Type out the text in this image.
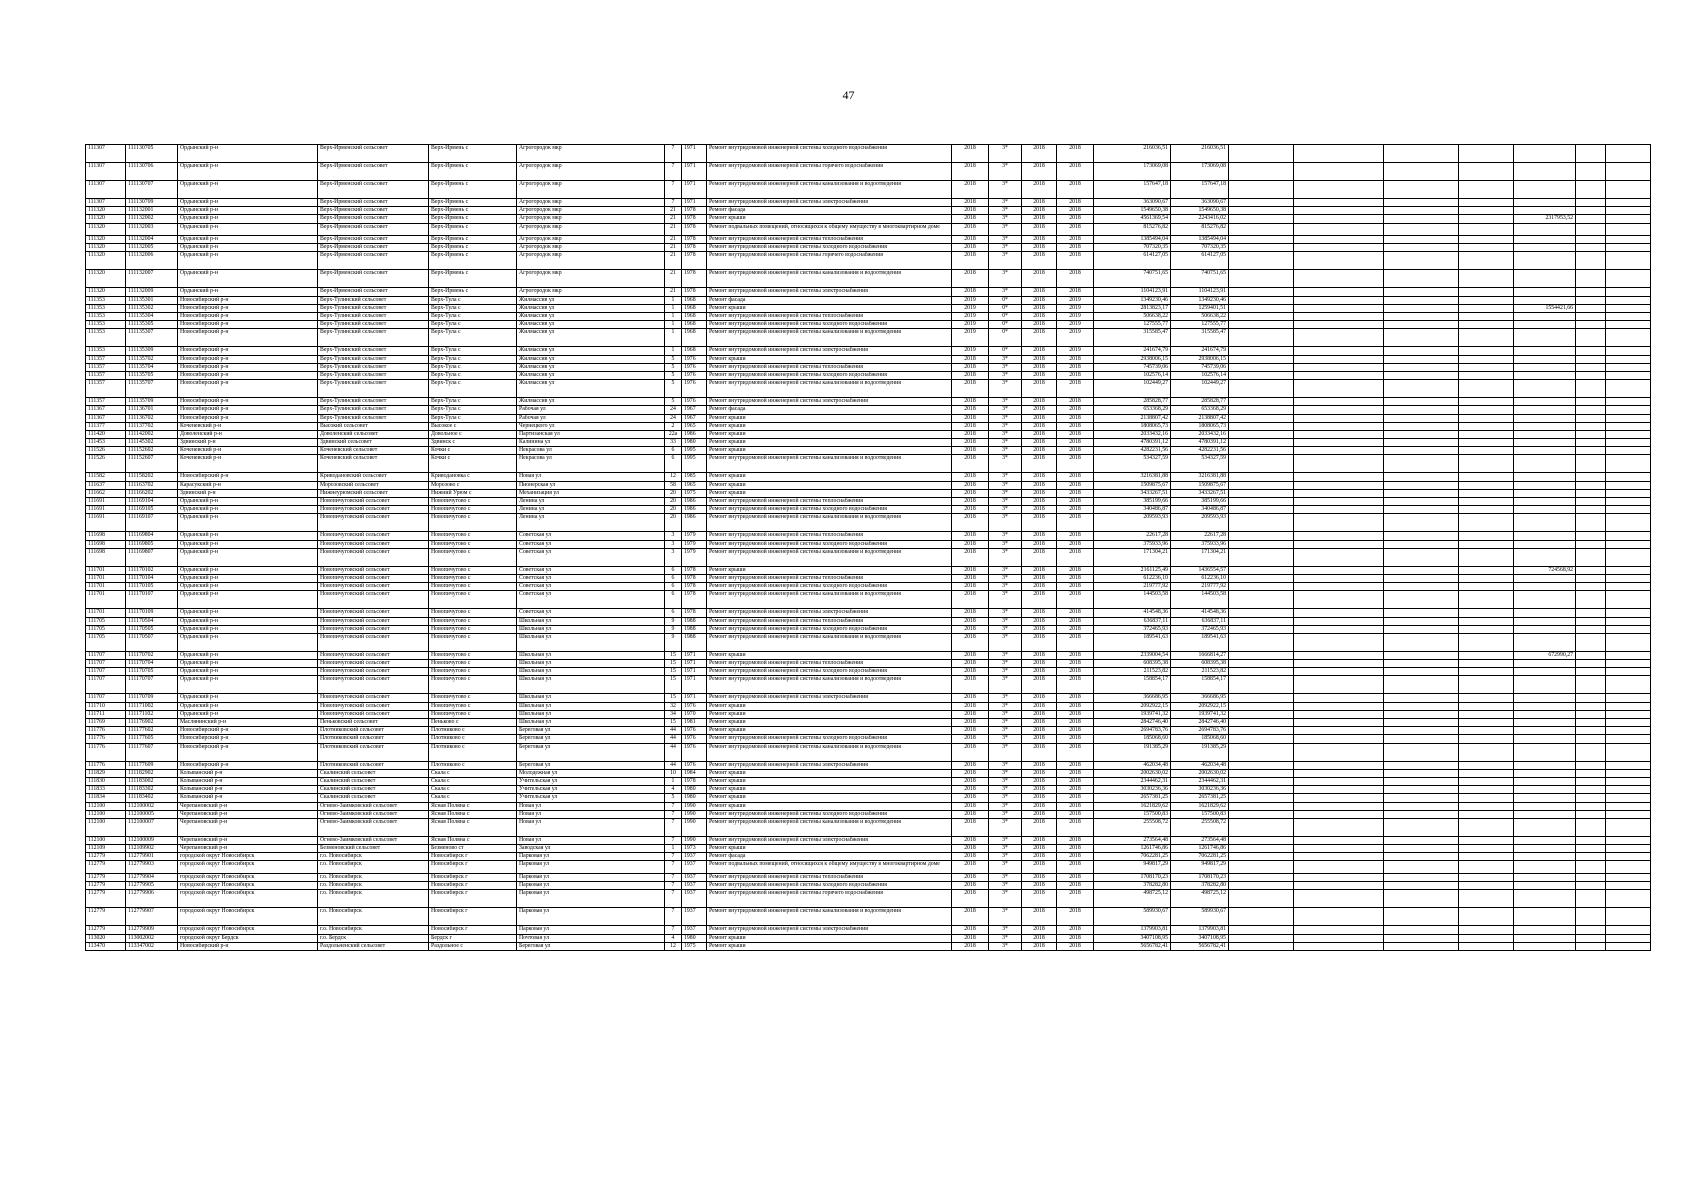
47
111307	111130705	Ордынский р-н	Верх-Ирменский сельсовет	Верх-Ирмень с	Агрогородок мкр	7	1971	Ремонт внутридомовой инженерной системы холодного водоснабжения	2018	3*	2018	2018	216036,51	216036,51							
111307	111130706	Ордынский р-н	Верх-Ирменский сельсовет	Верх-Ирмень с	Агрогородок мкр	7	1971	Ремонт внутридомовой инженерной системы горячего водоснабжения	2018	3*	2018	2018	173069,08	173069,08							
111307	111130707	Ордынский р-н	Верх-Ирменский сельсовет	Верх-Ирмень с	Агрогородок мкр	7	1971	Ремонт внутридомовой инженерной системы канализования и водоотведения	2018	3*	2018	2018	157647,18	157647,18							
111307	111130709	Ордынский р-н	Верх-Ирменский сельсовет	Верх-Ирмень с	Агрогородок мкр	7	1971	Ремонт внутридомовой инженерной системы электроснабжения	2018	3*	2018	2018	363090,67	363090,67							
111320	111132001	Ордынский р-н	Верх-Ирменский сельсовет	Верх-Ирмень с	Агрогородок мкр	21	1978	Ремонт фасада	2018	3*	2018	2018	1549650,38	1549650,38							
111320	111132002	Ордынский р-н	Верх-Ирменский сельсовет	Верх-Ирмень с	Агрогородок мкр	21	1978	Ремонт крыши	2018	3*	2018	2018	4561369,54	2243416,02					2317953,52		
111320	111132003	Ордынский р-н	Верх-Ирменский сельсовет	Верх-Ирмень с	Агрогородок мкр	21	1978	Ремонт подвальных помещений, относящихся к общему имуществу в многоквартирном доме	2018	3*	2018	2018	815276,82	815276,82							
111320	111132004	Ордынский р-н	Верх-Ирменский сельсовет	Верх-Ирмень с	Агрогородок мкр	21	1978	Ремонт внутридомовой инженерной системы теплоснабжения	2018	3*	2018	2018	1385494,04	1385494,04							
111320	111132005	Ордынский р-н	Верх-Ирменский сельсовет	Верх-Ирмень с	Агрогородок мкр	21	1978	Ремонт внутридомовой инженерной системы холодного водоснабжения	2018	3*	2018	2018	707320,35	707320,35							
111320	111132006	Ордынский р-н	Верх-Ирменский сельсовет	Верх-Ирмень с	Агрогородок мкр	21	1978	Ремонт внутридомовой инженерной системы горячего водоснабжения	2018	3*	2018	2018	614127,05	614127,05							
111320	111132007	Ордынский р-н	Верх-Ирменский сельсовет	Верх-Ирмень с	Агрогородок мкр	21	1978	Ремонт внутридомовой инженерной системы канализования и водоотведения	2018	3*	2018	2018	740751,65	740751,65							
111320	111132009	Ордынский р-н	Верх-Ирменский сельсовет	Верх-Ирмень с	Агрогородок мкр	21	1978	Ремонт внутридомовой инженерной системы электроснабжения	2018	3*	2018	2018	1104123,91	1104123,91							
111353	111135301	Новосибирский р-н	Верх-Тулинский сельсовет	Верх-Тула с	Жилмассив ул	1	1968	Ремонт фасада	2019	0*	2018	2019	1349230,46	1349230,46							
111353	111135302	Новосибирский р-н	Верх-Тулинский сельсовет	Верх-Тула с	Жилмассив ул	1	1968	Ремонт крыши	2019	0*	2018	2019	2813823,17	1259401,51					1554421,66		
111353	111135304	Новосибирский р-н	Верх-Тулинский сельсовет	Верх-Тула с	Жилмассив ул	1	1968	Ремонт внутридомовой инженерной системы теплоснабжения	2019	0*	2018	2019	506638,22	506638,22							
111353	111135305	Новосибирский р-н	Верх-Тулинский сельсовет	Верх-Тула с	Жилмассив ул	1	1968	Ремонт внутридомовой инженерной системы холодного водоснабжения	2019	0*	2018	2019	127555,77	127555,77							
111353	111135307	Новосибирский р-н	Верх-Тулинский сельсовет	Верх-Тула с	Жилмассив ул	1	1968	Ремонт внутридомовой инженерной системы канализования и водоотведения	2019	0*	2018	2019	315585,47	315585,47							
111353	111135309	Новосибирский р-н	Верх-Тулинский сельсовет	Верх-Тула с	Жилмассив ул	1	1968	Ремонт внутридомовой инженерной системы электроснабжения	2019	0*	2018	2019	241674,79	241674,79							
111357	111135702	Новосибирский р-н	Верх-Тулинский сельсовет	Верх-Тула с	Жилмассив ул	5	1976	Ремонт крыши	2018	3*	2018	2018	2938006,15	2938006,15							
111357	111135704	Новосибирский р-н	Верх-Тулинский сельсовет	Верх-Тула с	Жилмассив ул	5	1976	Ремонт внутридомовой инженерной системы теплоснабжения	2018	3*	2018	2018	745739,06	745739,06							
111357	111135705	Новосибирский р-н	Верх-Тулинский сельсовет	Верх-Тула с	Жилмассив ул	5	1976	Ремонт внутридомовой инженерной системы холодного водоснабжения	2018	3*	2018	2018	102576,14	102576,14							
111357	111135707	Новосибирский р-н	Верх-Тулинский сельсовет	Верх-Тула с	Жилмассив ул	5	1976	Ремонт внутридомовой инженерной системы канализования и водоотведения	2018	3*	2018	2018	102449,27	102449,27							
111357	111135709	Новосибирский р-н	Верх-Тулинский сельсовет	Верх-Тула с	Жилмассив ул	5	1976	Ремонт внутридомовой инженерной системы электроснабжения	2018	3*	2018	2018	285828,77	285828,77							
111367	111136701	Новосибирский р-н	Верх-Тулинский сельсовет	Верх-Тула с	Рабочая ул	24	1967	Ремонт фасада	2018	3*	2018	2018	653368,29	653368,29							
111367	111136702	Новосибирский р-н	Верх-Тулинский сельсовет	Верх-Тула с	Рабочая ул	24	1967	Ремонт крыши	2018	3*	2018	2018	2138807,42	2138807,42							
111377	111137702	Коченевский р-н	Высокий сельсовет	Высокое с	Чернецкого ул	2	1965	Ремонт крыши	2018	3*	2018	2018	1808065,73	1808065,73							
111420	111142002	Доволенский р-н	Доволенский сельсовет	Довольное с	Партизанская ул	22а	1986	Ремонт крыши	2018	3*	2018	2018	2033432,16	2033432,16							
111453	111145302	Здвинский р-н	Здвинский сельсовет	Здвинск с	Калинина ул	33	1980	Ремонт крыши	2018	3*	2018	2018	4780391,12	4780391,12							
111526	111152602	Коченевский р-н	Коченевский сельсовет	Кочки с	Некрасова ул	6	1995	Ремонт крыши	2018	3*	2018	2018	4282231,56	4282231,56							
111526	111152607	Коченевский р-н	Коченевский сельсовет	Кочки с	Некрасова ул	6	1995	Ремонт внутридомовой инженерной системы канализования и водоотведения	2018	3*	2018	2018	534327,59	534327,59							
111582	111158202	Новосибирский р-н	Криводановский сельсовет	Криводановка с	Новая ул	12	1985	Ремонт крыши	2018	3*	2018	2018	3216381,88	3216381,88							
111637	111163702	Карасукский р-н	Морозовский сельсовет	Морозово с	Пионерская ул	58	1965	Ремонт крыши	2018	3*	2018	2018	1509875,67	1509875,67							
111662	111166202	Здвинский р-н	Нижнеурюмский сельсовет	Нижний Урюм с	Механизация ул	20	1975	Ремонт крыши	2018	3*	2018	2018	3433267,51	3433267,51							
111691	111169104	Ордынский р-н	Новопичуговский сельсовет	Новопичугово с	Ленина ул	20	1986	Ремонт внутридомовой инженерной системы теплоснабжения	2018	3*	2018	2018	385199,66	385199,66							
111691	111169105	Ордынский р-н	Новопичуговский сельсовет	Новопичугово с	Ленина ул	20	1986	Ремонт внутридомовой инженерной системы холодного водоснабжения	2018	3*	2018	2018	340486,87	340486,87							
111691	111169107	Ордынский р-н	Новопичуговский сельсовет	Новопичугово с	Ленина ул	20	1986	Ремонт внутридомовой инженерной системы канализования и водоотведения	2018	3*	2018	2018	209593,93	209593,93							
111698	111169804	Ордынский р-н	Новопичуговский сельсовет	Новопичугово с	Советская ул	3	1979	Ремонт внутридомовой инженерной системы теплоснабжения	2018	3*	2018	2018	22617,28	22617,28							
111698	111169805	Ордынский р-н	Новопичуговский сельсовет	Новопичугово с	Советская ул	3	1979	Ремонт внутридомовой инженерной системы холодного водоснабжения	2018	3*	2018	2018	375933,96	375933,96							
111698	111169807	Ордынский р-н	Новопичуговский сельсовет	Новопичугово с	Советская ул	3	1979	Ремонт внутридомовой инженерной системы канализования и водоотведения	2018	3*	2018	2018	171304,21	171304,21							
111701	111170102	Ордынский р-н	Новопичуговский сельсовет	Новопичугово с	Советская ул	6	1978	Ремонт крыши	2018	3*	2018	2018	2161125,49	1436554,57					724568,92		
111701	111170104	Ордынский р-н	Новопичуговский сельсовет	Новопичугово с	Советская ул	6	1978	Ремонт внутридомовой инженерной системы теплоснабжения	2018	3*	2018	2018	612236,10	612236,10							
111701	111170105	Ордынский р-н	Новопичуговский сельсовет	Новопичугово с	Советская ул	6	1978	Ремонт внутридомовой инженерной системы холодного водоснабжения	2018	3*	2018	2018	219777,92	219777,92							
111701	111170107	Ордынский р-н	Новопичуговский сельсовет	Новопичугово с	Советская ул	6	1978	Ремонт внутридомовой инженерной системы канализования и водоотведения	2018	3*	2018	2018	144503,58	144503,58							
111701	111170109	Ордынский р-н	Новопичуговский сельсовет	Новопичугово с	Советская ул	6	1978	Ремонт внутридомовой инженерной системы электроснабжения	2018	3*	2018	2018	414548,36	414548,36							
111705	111170504	Ордынский р-н	Новопичуговский сельсовет	Новопичугово с	Школьная ул	9	1988	Ремонт внутридомовой инженерной системы теплоснабжения	2018	3*	2018	2018	636837,11	636837,11							
111705	111170505	Ордынский р-н	Новопичуговский сельсовет	Новопичугово с	Школьная ул	9	1988	Ремонт внутридомовой инженерной системы холодного водоснабжения	2018	3*	2018	2018	372465,93	372465,93							
111705	111170507	Ордынский р-н	Новопичуговский сельсовет	Новопичугово с	Школьная ул	9	1988	Ремонт внутридомовой инженерной системы канализования и водоотведения	2018	3*	2018	2018	189541,63	189541,63							
111707	111170702	Ордынский р-н	Новопичуговский сельсовет	Новопичугово с	Школьная ул	15	1971	Ремонт крыши	2018	3*	2018	2018	2339004,54	1666814,27					672990,27		
111707	111170704	Ордынский р-н	Новопичуговский сельсовет	Новопичугово с	Школьная ул	15	1971	Ремонт внутридомовой инженерной системы теплоснабжения	2018	3*	2018	2018	608395,38	608395,38							
111707	111170705	Ордынский р-н	Новопичуговский сельсовет	Новопичугово с	Школьная ул	15	1971	Ремонт внутридомовой инженерной системы холодного водоснабжения	2018	3*	2018	2018	211523,82	211523,82							
111707	111170707	Ордынский р-н	Новопичуговский сельсовет	Новопичугово с	Школьная ул	15	1971	Ремонт внутридомовой инженерной системы канализования и водоотведения	2018	3*	2018	2018	158854,17	158854,17							
111707	111170709	Ордынский р-н	Новопичуговский сельсовет	Новопичугово с	Школьная ул	15	1971	Ремонт внутридомовой инженерной системы электроснабжения	2018	3*	2018	2018	366686,95	366686,95							
111710	111171002	Ордынский р-н	Новопичуговский сельсовет	Новопичугово с	Школьная ул	32	1976	Ремонт крыши	2018	3*	2018	2018	2092922,15	2092922,15							
111711	111171102	Ордынский р-н	Новопичуговский сельсовет	Новопичугово с	Школьная ул	34	1970	Ремонт крыши	2018	3*	2018	2018	1939741,32	1939741,32							
111769	111176902	Маслянинский р-н	Пеньковский сельсовет	Пеньково с	Школьная ул	15	1981	Ремонт крыши	2018	3*	2018	2018	2842746,40	2842746,40							
111776	111177602	Новосибирский р-н	Плотниковский сельсовет	Плотниково с	Береговая ул	44	1976	Ремонт крыши	2018	3*	2018	2018	2694783,76	2694783,76							
111776	111177605	Новосибирский р-н	Плотниковский сельсовет	Плотниково с	Береговая ул	44	1976	Ремонт внутридомовой инженерной системы холодного водоснабжения	2018	3*	2018	2018	185068,60	185068,60							
111776	111177607	Новосибирский р-н	Плотниковский сельсовет	Плотниково с	Береговая ул	44	1976	Ремонт внутридомовой инженерной системы канализования и водоотведения	2018	3*	2018	2018	191385,29	191385,29							
111776	111177609	Новосибирский р-н	Плотниковский сельсовет	Плотниково с	Береговая ул	44	1976	Ремонт внутридомовой инженерной системы электроснабжения	2018	3*	2018	2018	462034,48	462034,48							
111829	111182902	Колыванский р-н	Скалинский сельсовет	Скала с	Молодежная ул	10	1984	Ремонт крыши	2018	3*	2018	2018	2002630,02	2002630,02							
111830	111183002	Колыванский р-н	Скалинский сельсовет	Скала с	Учительская ул	1	1978	Ремонт крыши	2018	3*	2018	2018	2344462,31	2344462,31							
111833	111183302	Колыванский р-н	Скалинский сельсовет	Скала с	Учительская ул	4	1980	Ремонт крыши	2018	3*	2018	2018	3030236,36	3030236,36							
111834	111183402	Колыванский р-н	Скалинский сельсовет	Скала с	Учительская ул	5	1980	Ремонт крыши	2018	3*	2018	2018	2657381,25	2657381,25							
112100	112100002	Черепановский р-н	Огнево-Заимковский сельсовет	Ясная Поляна с	Новая ул	7	1990	Ремонт крыши	2018	3*	2018	2018	1621829,62	1621829,62							
112100	112100005	Черепановский р-н	Огнево-Заимковский сельсовет	Ясная Поляна с	Новая ул	7	1990	Ремонт внутридомовой инженерной системы холодного водоснабжения	2018	3*	2018	2018	157500,83	157500,83							
112100	112100007	Черепановский р-н	Огнево-Заимковский сельсовет	Ясная Поляна с	Новая ул	7	1990	Ремонт внутридомовой инженерной системы канализования и водоотведения	2018	3*	2018	2018	255508,72	255508,72							
112100	112100009	Черепановский р-н	Огнево-Заимковский сельсовет	Ясная Поляна с	Новая ул	7	1990	Ремонт внутридомовой инженерной системы электроснабжения	2018	3*	2018	2018	273564,48	273564,48							
112109	112109902	Черепановский р-н	Безменовский сельсовет	Безменово ст	Заводская ул	1	1973	Ремонт крыши	2018	3*	2018	2018	1261746,86	1261746,86							
112779	112779901	городской округ Новосибирск	г.о. Новосибирск	Новосибирск г	Парковая ул	7	1937	Ремонт фасада	2018	3*	2018	2018	7062281,25	7062281,25							
112779	112779903	городской округ Новосибирск	г.о. Новосибирск	Новосибирск г	Парковая ул	7	1937	Ремонт подвальных помещений, относящихся к общему имуществу в многоквартирном доме	2018	3*	2018	2018	949817,29	949817,29							
112779	112779904	городской округ Новосибирск	г.о. Новосибирск	Новосибирск г	Парковая ул	7	1937	Ремонт внутридомовой инженерной системы теплоснабжения	2018	3*	2018	2018	1708170,23	1708170,23							
112779	112779905	городской округ Новосибирск	г.о. Новосибирск	Новосибирск г	Парковая ул	7	1937	Ремонт внутридомовой инженерной системы холодного водоснабжения	2018	3*	2018	2018	378282,80	378282,80							
112779	112779906	городской округ Новосибирск	г.о. Новосибирск	Новосибирск г	Парковая ул	7	1937	Ремонт внутридомовой инженерной системы горячего водоснабжения	2018	3*	2018	2018	498725,12	498725,12							
112779	112779907	городской округ Новосибирск	г.о. Новосибирск	Новосибирск г	Парковая ул	7	1937	Ремонт внутридомовой инженерной системы канализования и водоотведения	2018	3*	2018	2018	589930,67	589930,67							
112779	112779909	городской округ Новосибирск	г.о. Новосибирск	Новосибирск г	Парковая ул	7	1937	Ремонт внутридомовой инженерной системы электроснабжения	2018	3*	2018	2018	1379903,81	1379903,81							
113020	113002002	городской округ Бердск	г.о. Бердск	Бердск г	Почтовая ул	4	1980	Ремонт крыши	2018	3*	2018	2018	3407108,95	3407108,95							
113470	113347002	Новосибирский р-н	Раздольненский сельсовет	Раздольное с	Береговая ул	12	1975	Ремонт крыши	2018	3*	2018	2018	5656782,41	5656782,41							
